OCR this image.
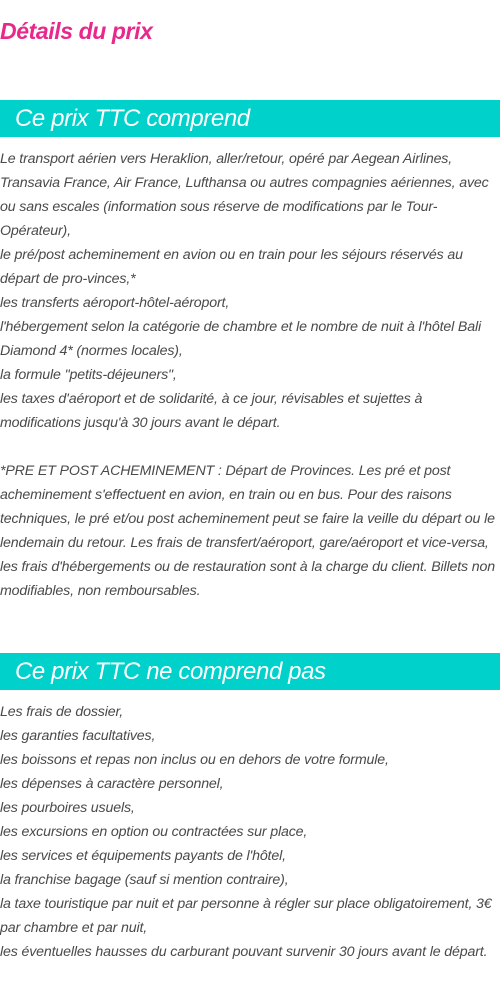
Détails du prix
Ce prix TTC comprend

Le transport aérien vers Heraklion, aller/retour, opéré par Aegean Airlines, Transavia France, Air France, Lufthansa ou autres compagnies aériennes, avec ou sans escales (information sous réserve de modifications par le Tour-Opérateur),

le pré/post acheminement en avion ou en train pour les séjours réservés au départ de pro-vinces,*

les transferts aéroport-hôtel-aéroport,

l'hébergement selon la catégorie de chambre et le nombre de nuit à l'hôtel Bali Diamond 4* (normes locales),

la formule "petits-déjeuners",

les taxes d'aéroport et de solidarité, à ce jour, révisables et sujettes à modifications jusqu'à 30 jours avant le départ.

*PRE ET POST ACHEMINEMENT : Départ de Provinces. Les pré et post acheminement s'effectuent en avion, en train ou en bus. Pour des raisons techniques, le pré et/ou post acheminement peut se faire la veille du départ ou le lendemain du retour. Les frais de transfert/aéroport, gare/aéroport et vice-versa, les frais d'hébergements ou de restauration sont à la charge du client. Billets non modifiables, non remboursables.

Ce prix TTC ne comprend pas

Les frais de dossier,

les garanties facultatives,

les boissons et repas non inclus ou en dehors de votre formule,

les dépenses à caractère personnel,

les pourboires usuels,

les excursions en option ou contractées sur place,

les services et équipements payants de l'hôtel,

la franchise bagage (sauf si mention contraire),

la taxe touristique par nuit et par personne à régler sur place obligatoirement, 3€ par chambre et par nuit,

les éventuelles hausses du carburant pouvant survenir 30 jours avant le départ.
